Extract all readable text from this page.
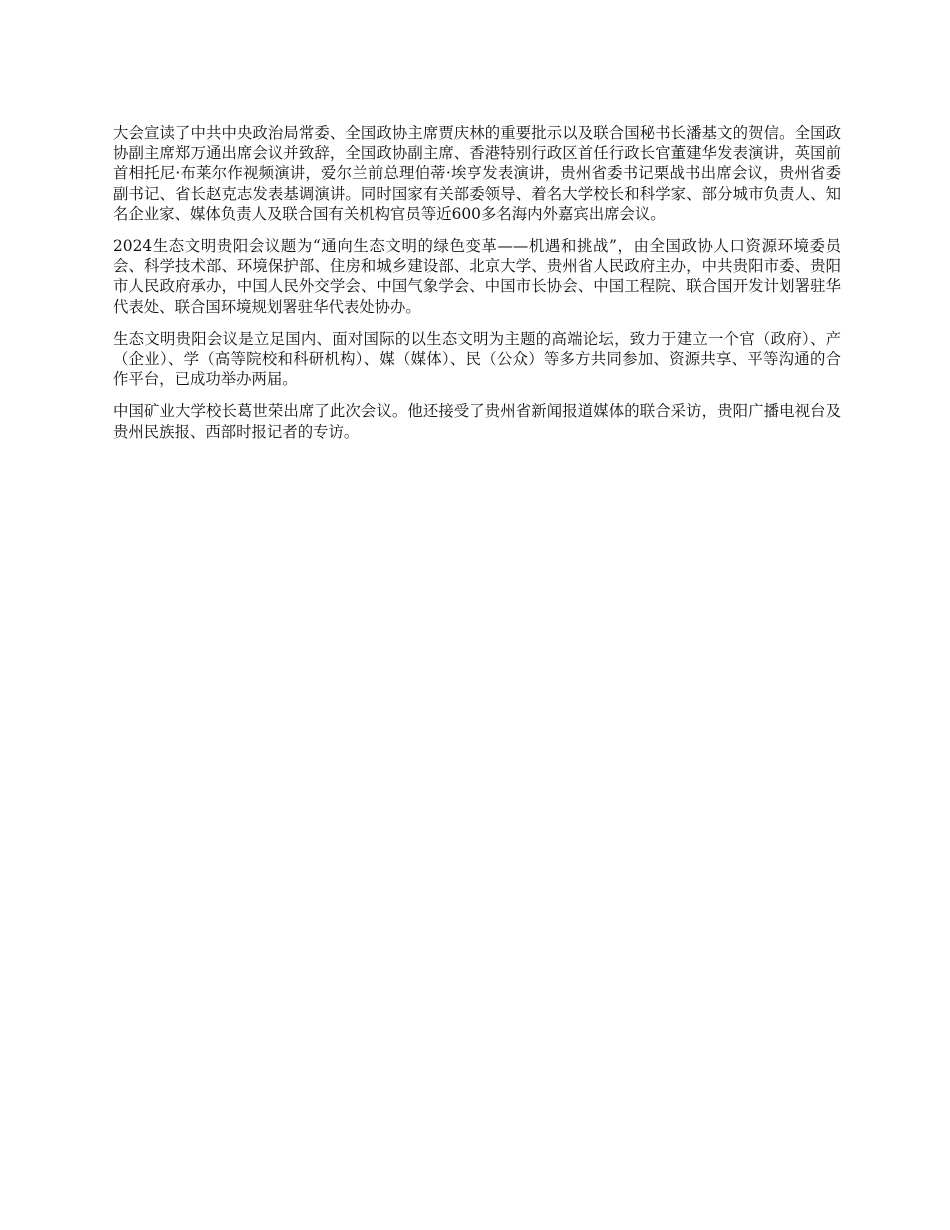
大会宣读了中共中央政治局常委、全国政协主席贾庆林的重要批示以及联合国秘书长潘基文的贺信。全国政协副主席郑万通出席会议并致辞，全国政协副主席、香港特别行政区首任行政长官董建华发表演讲，英国前首相托尼·布莱尔作视频演讲，爱尔兰前总理伯蒂·埃亨发表演讲，贵州省委书记栗战书出席会议，贵州省委副书记、省长赵克志发表基调演讲。同时国家有关部委领导、着名大学校长和科学家、部分城市负责人、知名企业家、媒体负责人及联合国有关机构官员等近600多名海内外嘉宾出席会议。

2024生态文明贵阳会议题为“通向生态文明的绿色变革——机遇和挑战”，由全国政协人口资源环境委员会、科学技术部、环境保护部、住房和城乡建设部、北京大学、贵州省人民政府主办，中共贵阳市委、贵阳市人民政府承办，中国人民外交学会、中国气象学会、中国市长协会、中国工程院、联合国开发计划署驻华代表处、联合国环境规划署驻华代表处协办。

生态文明贵阳会议是立足国内、面对国际的以生态文明为主题的高端论坛，致力于建立一个官（政府）、产（企业）、学（高等院校和科研机构）、媒（媒体）、民（公众）等多方共同参加、资源共享、平等沟通的合作平台，已成功举办两届。

中国矿业大学校长葛世荣出席了此次会议。他还接受了贵州省新闻报道媒体的联合采访，贵阳广播电视台及贵州民族报、西部时报记者的专访。
